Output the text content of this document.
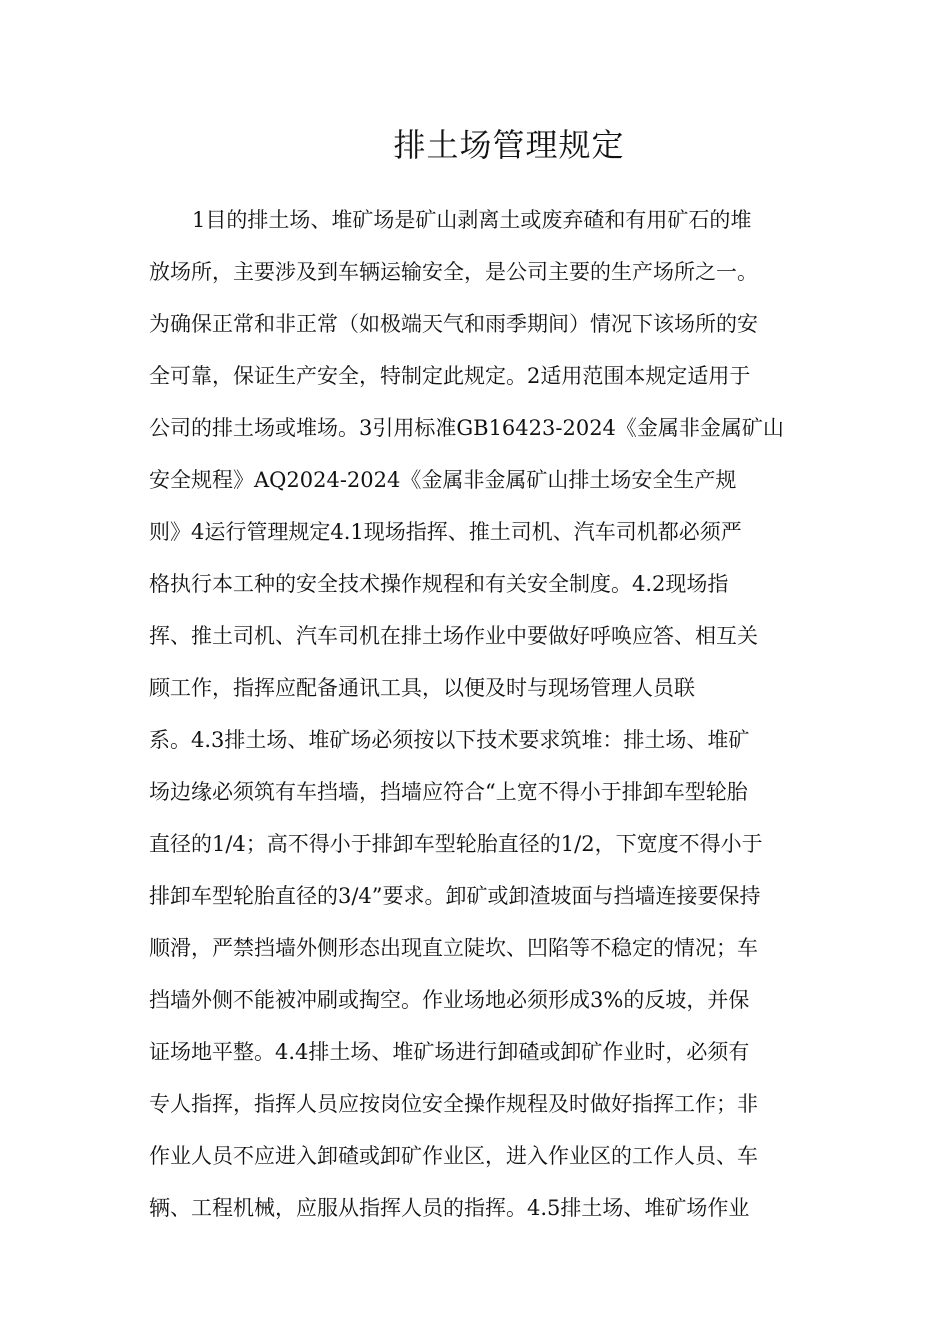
排土场管理规定
1目的排土场、堆矿场是矿山剥离土或废弃碴和有用矿石的堆
放场所，主要涉及到车辆运输安全，是公司主要的生产场所之一。
为确保正常和非正常（如极端天气和雨季期间）情况下该场所的安
全可靠，保证生产安全，特制定此规定。2适用范围本规定适用于
公司的排土场或堆场。3引用标准GB16423-2024《金属非金属矿山
安全规程》AQ2024-2024《金属非金属矿山排土场安全生产规
则》4运行管理规定4.1现场指挥、推土司机、汽车司机都必须严
格执行本工种的安全技术操作规程和有关安全制度。4.2现场指
挥、推土司机、汽车司机在排土场作业中要做好呼唤应答、相互关
顾工作，指挥应配备通讯工具，以便及时与现场管理人员联
系。4.3排土场、堆矿场必须按以下技术要求筑堆：排土场、堆矿
场边缘必须筑有车挡墙，挡墙应符合“上宽不得小于排卸车型轮胎
直径的1/4；高不得小于排卸车型轮胎直径的1/2，下宽度不得小于
排卸车型轮胎直径的3/4”要求。卸矿或卸渣坡面与挡墙连接要保持
顺滑，严禁挡墙外侧形态出现直立陡坎、凹陷等不稳定的情况；车
挡墙外侧不能被冲刷或掏空。作业场地必须形成3%的反坡，并保
证场地平整。4.4排土场、堆矿场进行卸碴或卸矿作业时，必须有
专人指挥，指挥人员应按岗位安全操作规程及时做好指挥工作；非
作业人员不应进入卸碴或卸矿作业区，进入作业区的工作人员、车
辆、工程机械，应服从指挥人员的指挥。4.5排土场、堆矿场作业
